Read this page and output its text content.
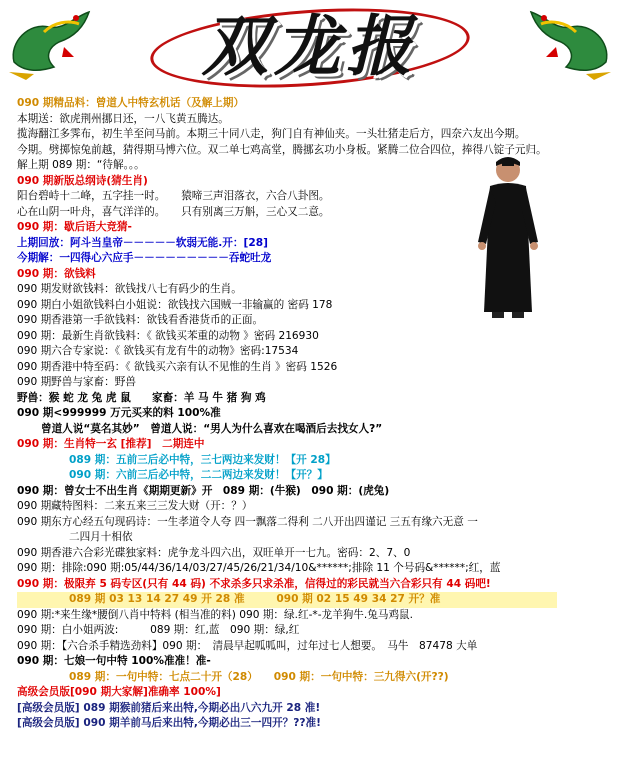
双龙报
090 期精品料：曾道人中特玄机话（及解上期）
本期送：欲虎荆州挪日还，一八飞黄五腾达。
揽海翻江多霁布，初生羊至问马前。本期三十同八走，狗门自有神仙夹。一头壮猪走后方，四奈六友出今期。
今期。劈掷惊兔前越，猜得期马博六位。双二单七鸡高堂，腾挪玄功小身板。紧腾二位合四位，捧得八锭子元归。
解上期 089 期：“待解。。。
090 期新版总纲诗(猜生肖)
阳台碧峙十二峰，五字挂一时。　　猿啼三声泪落衣，六合八卦图。
心在山阴一叶舟，喜气洋洋的。　　只有别离三万斛，三心又二意。
090 期：歇后语大竞猜-
上期回放：阿斗当皇帝－－－－－软弱无能.开：[28]
今期解：一四得心六应手－－－－－－－－－吞蛇吐龙
090 期：欲钱料
090 期发财欲钱料：欲钱找八七有码少的生肖。
090 期白小姐欲钱料白小姐说：欲钱找六国贼一非输赢的 密码 178
090 期香港第一手欲钱料：欲钱看香港货币的正面。
090 期：最新生肖欲钱料：《 欲钱买苯重的动物 》密码 216930
090 期六合专家说：《 欲钱买有龙有牛的动物》密码:17534
090 期香港中特至码：《 欲钱买六亲有认不见惟的生肖 》密码 1526
090 期野兽与家畜：野兽
野兽：猴 蛇 龙 兔 虎 鼠　　家畜：羊 马 牛 猪 狗 鸡
090 期<999999 万元买来的料 100%准
曾道人说“莫名其妙”　曾道人说：“男人为什么喜欢在喝酒后去找女人?”
090 期：生肖特一玄 [推荐]　二期连中
089 期：五前三后必中特，三七两边来发财！【开 28】
090 期：六前三后必中特，二二两边来发财！【开？】
090 期：曾女士不出生肖《期期更新》开　089 期：(牛猴)　090 期：(虎兔)
090 期藏特图料：二来五来三三发大财（开：？）
090 期东方心经五句现码诗：一生孝道令人夸 四一飘落二得利 二八开出四谨记 三五有缘六无意 一
二四月十相依
090 期香港六合彩光碟独家料：虎争龙斗四六出，双旺单开一七九。密码：2、7、0
090 期：排除:090 期:05/44/36/14/03/27/45/26/21/34/10&******;排除 11 个号码&******;红，蓝
090 期：极限弃 5 码专区(只有 44 码) 不求杀多只求杀准，信得过的彩民就当六合彩只有 44 码吧!
089 期 03 13 14 27 49 开 28 准　　　090 期 02 15 49 34 27 开？准
090 期:*来生缘*腰倒八肖中特料 (相当准的料) 090 期：绿.红-*-龙羊狗牛.兔马鸡鼠.
090 期：白小姐两波:　　　089 期：红,蓝　090 期：绿,红
090 期：【六合杀手精选劲料】090 期：　清晨早起呱呱叫，过年过七人想要。　马牛　87478 大单
090 期：七娘一句中特 100%准准！准-
089 期：一句中特：七点二十开（28）　　090 期：一句中特：三九得六(开??)
高级会员版[090 期大家解]准确率 100%]
[高级会员版] 089 期猴前猪后来出特,今期必出八六九开 28 准!
[高级会员版] 090 期羊前马后来出特,今期必出三一四开？??准!
